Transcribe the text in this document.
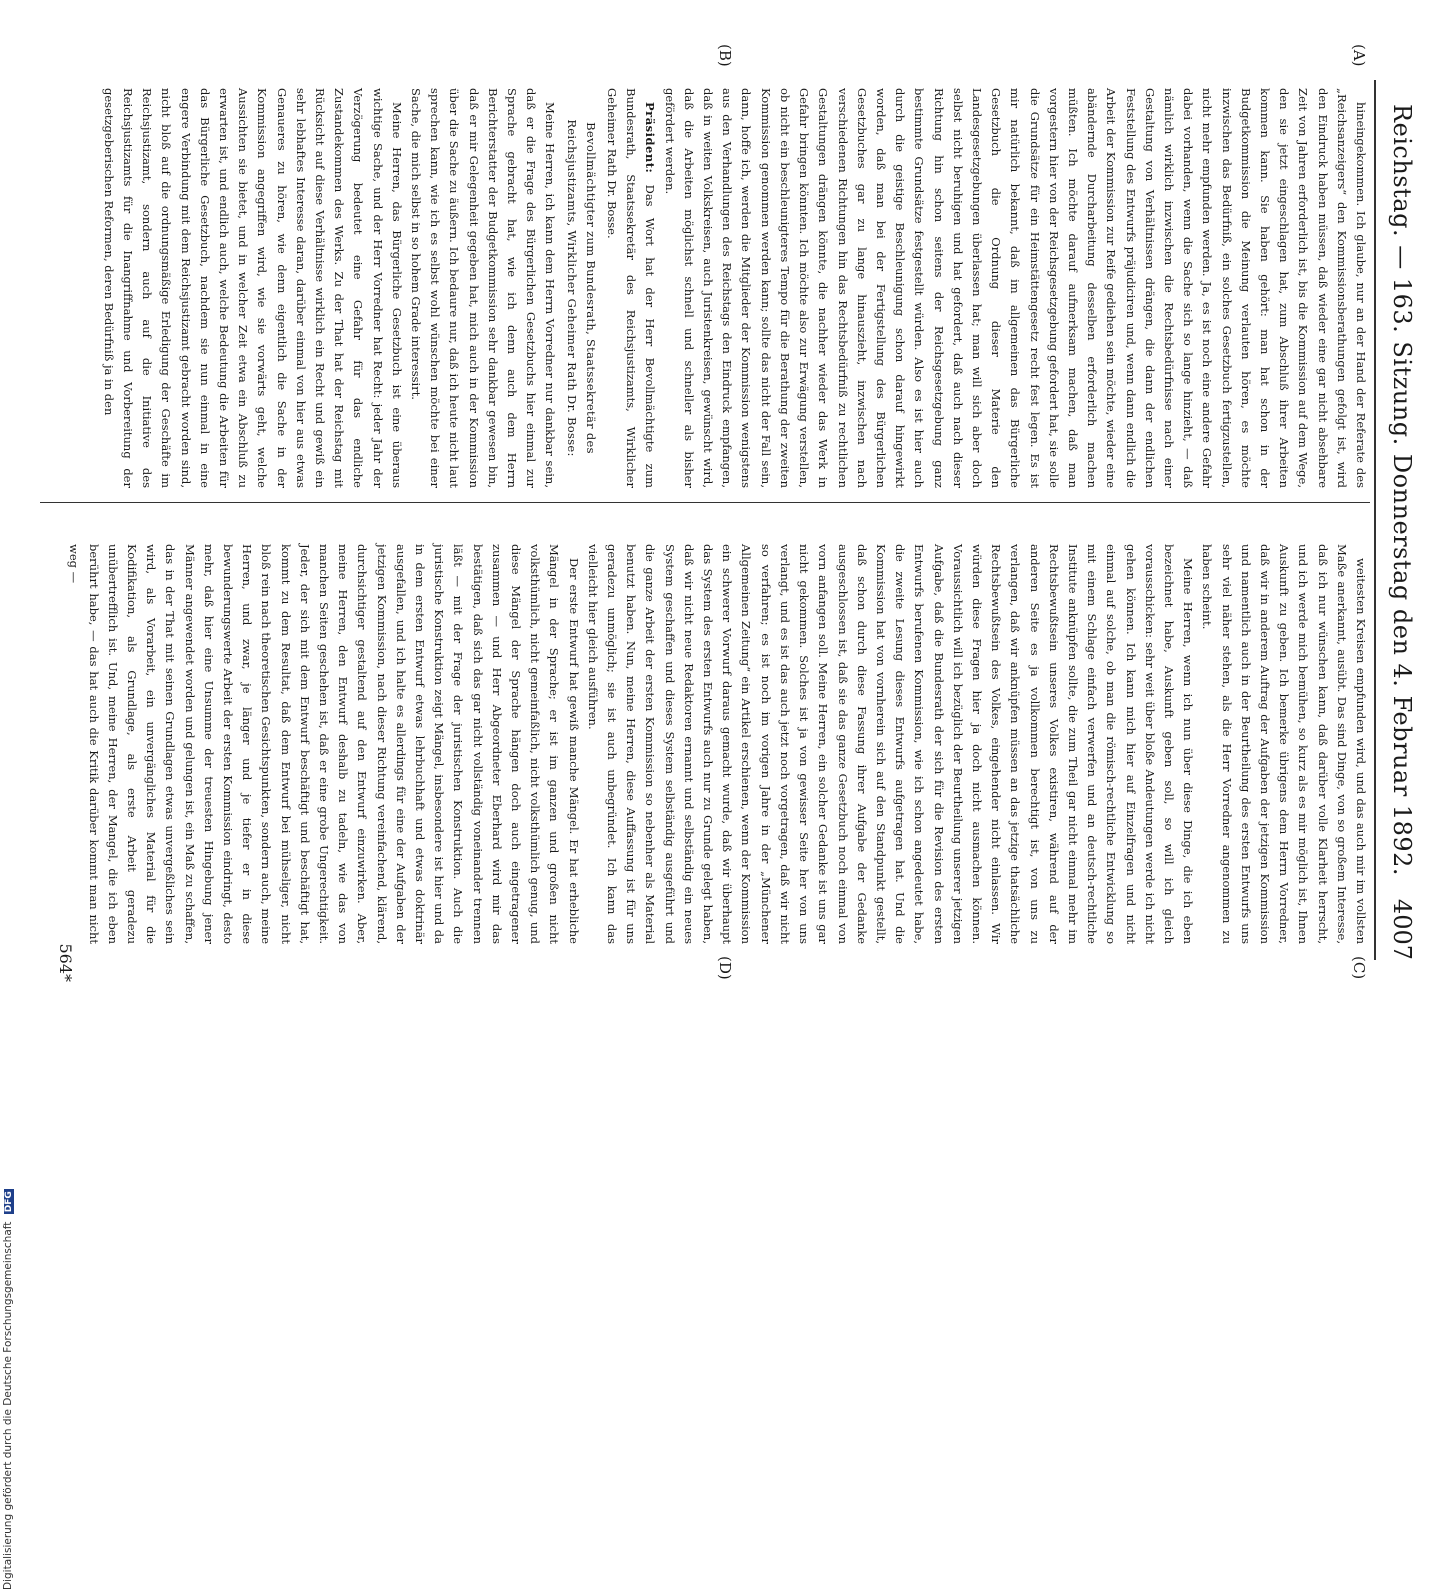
Reichstag. — 163. Sitzung. Donnerstag den 4. Februar 1892.
4007
(A)
(B)
(C)
(D)

hineingekommen. Ich glaube, nur an der Hand der Referate des „Reichsanzeigers“ den Kommissionsberathungen gefolgt ist, wird den Eindruck haben müssen, daß wieder eine gar nicht absehbare Zeit von Jahren erforderlich ist, bis die Kommission auf dem Wege, den sie jetzt eingeschlagen hat, zum Abschluß ihrer Arbeiten kommen kann. Sie haben gehört: man hat schon in der Budgetkommission die Meinung verlauten hören, es möchte inzwischen das Bedürfniß, ein solches Gesetzbuch fertigzustellen, nicht mehr empfunden werden. Ja, es ist noch eine andere Gefahr dabei vorhanden, wenn die Sache sich so lange hinzieht, — daß nämlich wirklich inzwischen die Rechtsbedürfnisse nach einer Gestaltung von Verhältnissen drängen, die dann der endlichen Feststellung des Entwurfs präjudiciren und, wenn dann endlich die Arbeit der Kommission zur Reife gediehen sein möchte, wieder eine abändernde Durcharbeitung desselben erforderlich machen müßten. Ich möchte darauf aufmerksam machen, daß man vorgestern hier von der Reichsgesetzgebung gefordert hat, sie solle die Grundsätze für ein Heimstättengesetz recht fest legen. Es ist mir natürlich bekannt, daß im allgemeinen das Bürgerliche Gesetzbuch die Ordnung dieser Materie den Landesgesetzgebungen überlassen hat; man will sich aber doch selbst nicht beruhigen und hat gefordert, daß auch nach dieser Richtung hin schon seitens der Reichsgesetzgebung ganz bestimmte Grundsätze festgestellt würden. Also es ist hier auch durch die geistige Beschleunigung schon darauf hingewirkt worden, daß man bei der Fertigstellung des Bürgerlichen Gesetzbuches gar zu lange hinauszieht, inzwischen nach verschiedenen Richtungen hin das Rechtsbedürfniß zu rechtlichen Gestaltungen drängen könnte, die nachher wieder das Werk in Gefahr bringen könnten. Ich möchte also zur Erwägung verstellen, ob nicht ein beschleunigteres Tempo für die Berathung der zweiten Kommission genommen werden kann; sollte das nicht der Fall sein, dann, hoffe ich, werden die Mitglieder der Kommission wenigstens aus den Verhandlungen des Reichstags den Eindruck empfangen, daß in weiten Volkskreisen, auch Juristenkreisen, gewünscht wird, daß die Arbeiten möglichst schnell und schneller als bisher gefördert werden.

Präsident: Das Wort hat der Herr Bevollmächtigte zum Bundesrath, Staatssekretär des Reichsjustizamts, Wirklicher Geheimer Rath Dr. Bosse.

Bevollmächtigter zum Bundesrath, Staatssekretär des Reichsjustizamts, Wirklicher Geheimer Rath Dr. Bosse:

Meine Herren, ich kann dem Herrn Vorredner nur dankbar sein, daß er die Frage des Bürgerlichen Gesetzbuchs hier einmal zur Sprache gebracht hat, wie ich denn auch dem Herrn Berichterstatter der Budgetkommission sehr dankbar gewesen bin, daß er mir Gelegenheit gegeben hat, mich auch in der Kommission über die Sache zu äußern. Ich bedaure nur, daß ich heute nicht laut sprechen kann, wie ich es selbst wohl wünschen möchte bei einer Sache, die mich selbst in so hohem Grade interessirt.

Meine Herren, das Bürgerliche Gesetzbuch ist eine überaus wichtige Sache, und der Herr Vorredner hat Recht: jeder Jahr der Verzögerung bedeutet eine Gefahr für das endliche Zustandekommen des Werks. Zu der That hat der Reichstag mit Rücksicht auf diese Verhältnisse wirklich ein Recht und gewiß ein sehr lebhaftes Interesse daran, darüber einmal von hier aus etwas Genaueres zu hören, wie denn eigentlich die Sache in der Kommission angegriffen wird, wie sie vorwärts geht, welche Aussichten sie bietet, und in welcher Zeit etwa ein Abschluß zu erwarten ist, und endlich auch, welche Bedeutung die Arbeiten für das Bürgerliche Gesetzbuch, nachdem sie nun einmal in eine engere Verbindung mit dem Reichsjustizamt gebracht worden sind, nicht bloß auf die ordnungsmäßige Erledigung der Geschäfte im Reichsjustizamt, sondern auch auf die Initiative des Reichsjustizamts für die Inangriffnahme und Vorbereitung der gesetzgeberischen Reformen, deren Bedürfniß ja in den

weitesten Kreisen empfunden wird, und das auch mir im vollsten Maße anerkannt, ausübt. Das sind Dinge, von so großem Interesse, daß ich nur wünschen kann, daß darüber volle Klarheit herrscht, und ich werde mich bemühen, so kurz als es mir möglich ist, Ihnen Auskunft zu geben. Ich bemerke übrigens dem Herrn Vorredner, daß wir in anderem Auftrag der Aufgaben der jetzigen Kommission und namentlich auch in der Beurtheilung des ersten Entwurfs uns sehr viel näher stehen, als die Herr Vorredner angenommen zu haben scheint.

Meine Herren, wenn ich nun über diese Dinge, die ich eben bezeichnet habe, Auskunft geben soll, so will ich gleich vorausschicken: sehr weit über bloße Andeutungen werde ich nicht gehen können. Ich kann mich hier auf Einzelfragen und nicht einmal auf solche, ob man die römisch-rechtliche Entwicklung so mit einem Schlage einfach verwerfen und an deutsch-rechtliche Institute anknüpfen sollte, die zum Theil gar nicht einmal mehr im Rechtsbewußtsein unseres Volkes existiren, während auf der anderen Seite es ja vollkommen berechtigt ist, von uns zu verlangen, daß wir anknüpfen müssen an das jetzige thatsächliche Rechtsbewußtsein des Volkes, eingehender nicht einlassen. Wir würden diese Fragen hier ja doch nicht ausmachen können. Voraussichtlich will ich bezüglich der Beurtheilung unserer jetzigen Aufgabe, daß die Bundesrath der sich für die Revision des ersten Entwurfs berufenen Kommission, wie ich schon angedeutet habe, die zweite Lesung dieses Entwurfs aufgetragen hat. Und die Kommission hat von vornherein sich auf den Standpunkt gestellt, daß schon durch diese Fassung ihrer Aufgabe der Gedanke ausgeschlossen ist, daß sie das ganze Gesetzbuch noch einmal von vorn anfangen soll. Meine Herren, ein solcher Gedanke ist uns gar nicht gekommen. Solches ist ja von gewisser Seite her von uns verlangt, und es ist das auch jetzt noch vorgetragen, daß wir nicht so verfahren; es ist noch im vorigen Jahre in der „Münchener Allgemeinen Zeitung“ ein Artikel erschienen, wenn der Kommission ein schwerer Vorwurf daraus gemacht wurde, daß wir überhaupt das System des ersten Entwurfs auch nur zu Grunde gelegt haben, daß wir nicht neue Redaktoren ernannt und selbständig ein neues System geschaffen und dieses System selbständig ausgeführt und die ganze Arbeit der ersten Kommission so nebenher als Material benutzt haben. Nun, meine Herren, diese Auffassung ist für uns geradezu unmöglich; sie ist auch unbegründet. Ich kann das vielleicht hier gleich ausführen.

Der erste Entwurf hat gewiß manche Mängel. Er hat erhebliche Mängel in der Sprache; er ist im ganzen und großen nicht volksthümlich, nicht gemeinfaßlich, nicht volksthümlich genug, und diese Mängel der Sprache hängen doch auch eingetragener zusammen — und Herr Abgeordneter Eberhard wird mir das bestätigen, daß sich das gar nicht vollständig voneinander trennen läßt — mit der Frage der juristischen Konstruktion. Auch die juristische Konstruktion zeigt Mängel, insbesondere ist hier und da in dem ersten Entwurf etwas lehrbuchhaft und etwas doktrinär ausgefallen, und ich halte es allerdings für eine der Aufgaben der jetzigen Kommission, nach dieser Richtung vereinfachend, klärend, durchsichtiger gestaltend auf den Entwurf einzuwirken. Aber, meine Herren, den Entwurf deshalb zu tadeln, wie das von manchen Seiten geschehen ist, daß er eine grobe Ungerechtigkeit. Jeder, der sich mit dem Entwurf beschäftigt und beschäftigt hat, kommt zu dem Resultat, daß dem Entwurf bei mühseliger, nicht bloß rein nach theoretischen Gesichtspunkten, sondern auch, meine Herren, und zwar, je länger und je tiefer er in diese bewunderungswerte Arbeit der ersten Kommission eindringt, desto mehr, daß hier eine Unsumme der treuesten Hingebung jener Männer angewendet worden und gelungen ist, ein Maß zu schaffen, das in der That mit seinen Grundlagen etwas unvergeßliches sein wird, als Vorarbeit, ein unvergängliches Material für die Kodifikation, als Grundlage, als erste Arbeit geradezu unübertrefflich ist. Und, meine Herren, der Mangel, die ich eben berührt habe, — das hat auch die Kritik darüber kommt man nicht weg —

564*
Digitalisierung gefördert durch die Deutsche Forschungsgemeinschaft DFG
